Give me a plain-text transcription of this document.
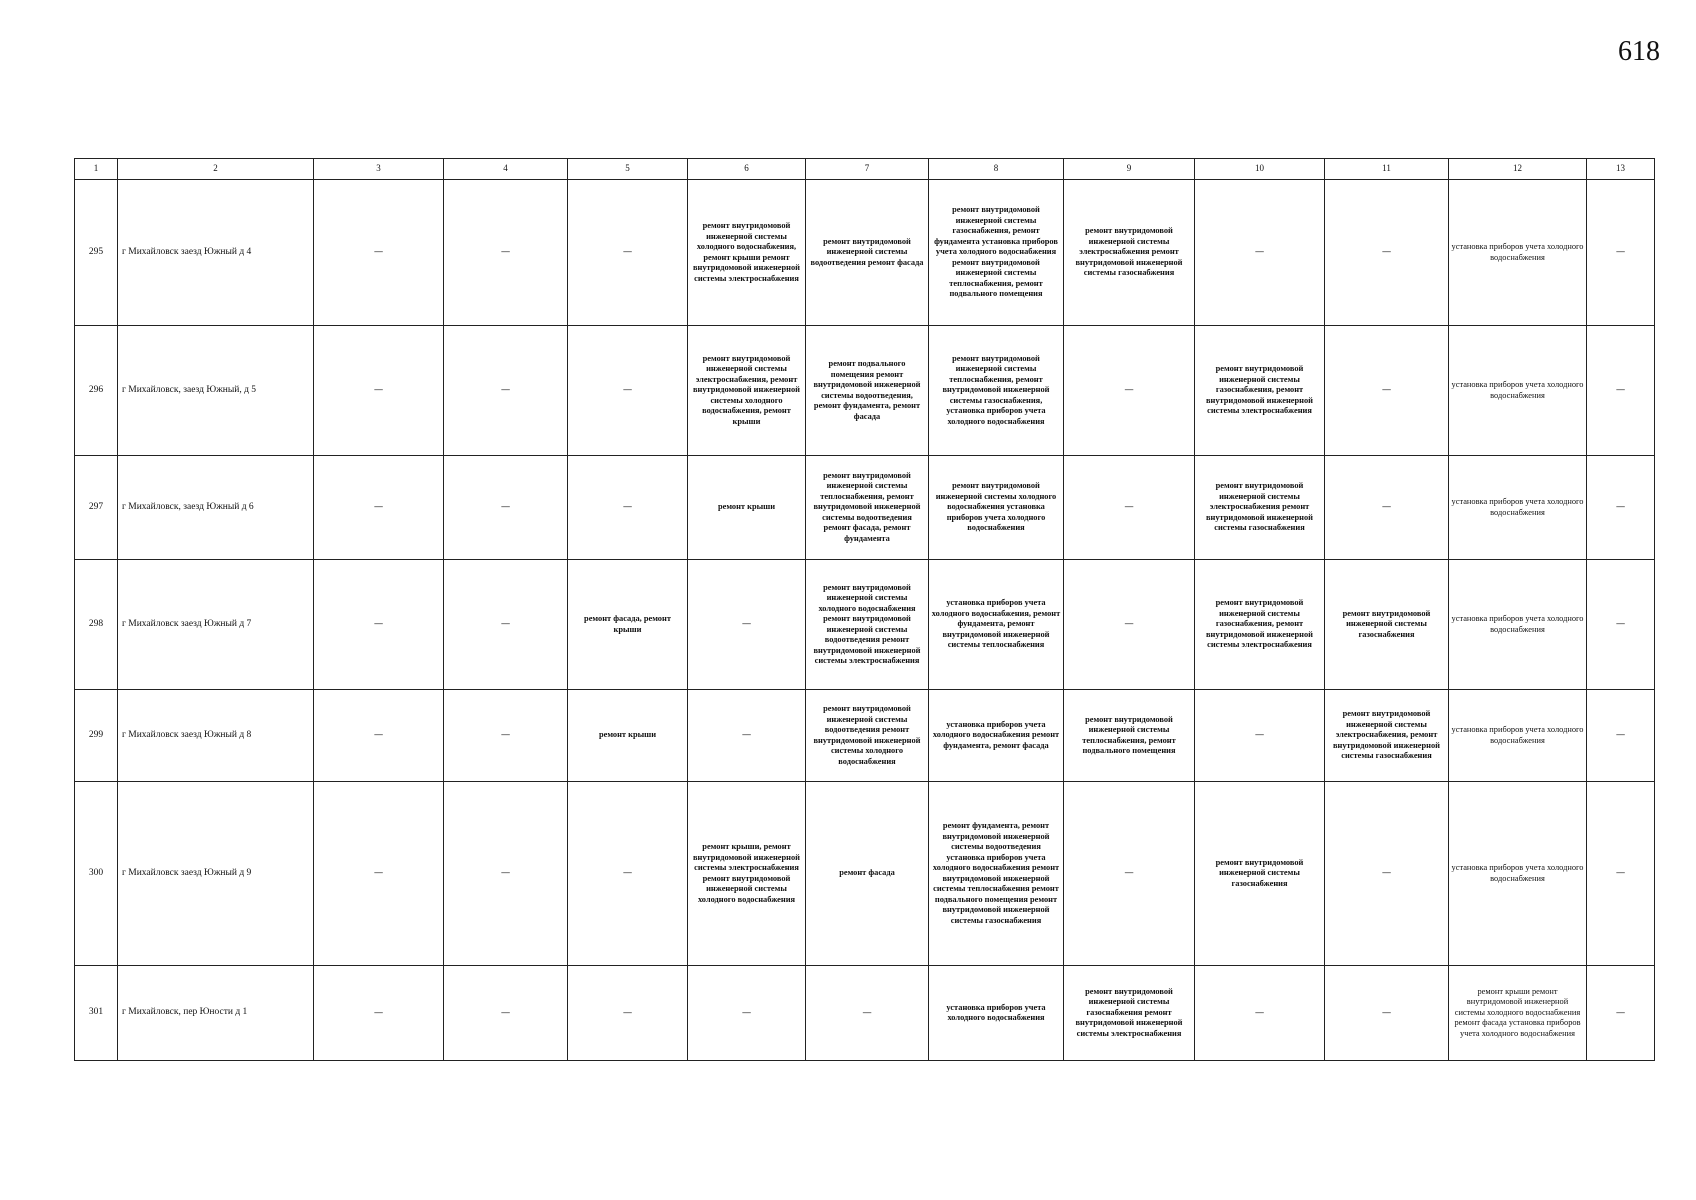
618
1	2	3	4	5	6	7	8	9	10	11	12	13
295	г Михайловск заезд Южный д 4	—	—	—	ремонт внутридомовой инженерной системы холодного водоснабжения, ремонт крыши ремонт внутридомовой инженерной системы электроснабжения	ремонт внутридомовой инженерной системы водоотведения ремонт фасада	ремонт внутридомовой инженерной системы газоснабжения, ремонт фундамента установка приборов учета холодного водоснабжения ремонт внутридомовой инженерной системы теплоснабжения, ремонт подвального помещения	ремонт внутридомовой инженерной системы электроснабжения ремонт внутридомовой инженерной системы газоснабжения	—	—	установка приборов учета холодного водоснабжения	—
296	г Михайловск, заезд Южный, д 5	—	—	—	ремонт внутридомовой инженерной системы электроснабжения, ремонт внутридомовой инженерной системы холодного водоснабжения, ремонт крыши	ремонт подвального помещения ремонт внутридомовой инженерной системы водоотведения, ремонт фундамента, ремонт фасада	ремонт внутридомовой инженерной системы теплоснабжения, ремонт внутридомовой инженерной системы газоснабжения, установка приборов учета холодного водоснабжения	—	ремонт внутридомовой инженерной системы газоснабжения, ремонт внутридомовой инженерной системы электроснабжения	—	установка приборов учета холодного водоснабжения	—
297	г Михайловск, заезд Южный д 6	—	—	—	ремонт крыши	ремонт внутридомовой инженерной системы теплоснабжения, ремонт внутридомовой инженерной системы водоотведения ремонт фасада, ремонт фундамента	ремонт внутридомовой инженерной системы холодного водоснабжения установка приборов учета холодного водоснабжения	—	ремонт внутридомовой инженерной системы электроснабжения ремонт внутридомовой инженерной системы газоснабжения	—	установка приборов учета холодного водоснабжения	—
298	г Михайловск заезд Южный д 7	—	—	ремонт фасада, ремонт крыши	—	ремонт внутридомовой инженерной системы холодного водоснабжения ремонт внутридомовой инженерной системы водоотведения ремонт внутридомовой инженерной системы электроснабжения	установка приборов учета холодного водоснабжения, ремонт фундамента, ремонт внутридомовой инженерной системы теплоснабжения	—	ремонт внутридомовой инженерной системы газоснабжения, ремонт внутридомовой инженерной системы электроснабжения	ремонт внутридомовой инженерной системы газоснабжения	установка приборов учета холодного водоснабжения	—
299	г Михайловск заезд Южный д 8	—	—	ремонт крыши	—	ремонт внутридомовой инженерной системы водоотведения ремонт внутридомовой инженерной системы холодного водоснабжения	установка приборов учета холодного водоснабжения ремонт фундамента, ремонт фасада	ремонт внутридомовой инженерной системы теплоснабжения, ремонт подвального помещения	—	ремонт внутридомовой инженерной системы электроснабжения, ремонт внутридомовой инженерной системы газоснабжения	установка приборов учета холодного водоснабжения	—
300	г Михайловск заезд Южный д 9	—	—	—	ремонт крыши, ремонт внутридомовой инженерной системы электроснабжения ремонт внутридомовой инженерной системы холодного водоснабжения	ремонт фасада	ремонт фундамента, ремонт внутридомовой инженерной системы водоотведения установка приборов учета холодного водоснабжения ремонт внутридомовой инженерной системы теплоснабжения ремонт подвального помещения ремонт внутридомовой инженерной системы газоснабжения	—	ремонт внутридомовой инженерной системы газоснабжения	—	установка приборов учета холодного водоснабжения	—
301	г Михайловск, пер Юности д 1	—	—	—	—	—	установка приборов учета холодного водоснабжения	ремонт внутридомовой инженерной системы газоснабжения ремонт внутридомовой инженерной системы электроснабжения	—	—	ремонт крыши ремонт внутридомовой инженерной системы холодного водоснабжения ремонт фасада установка приборов учета холодного водоснабжения	—
